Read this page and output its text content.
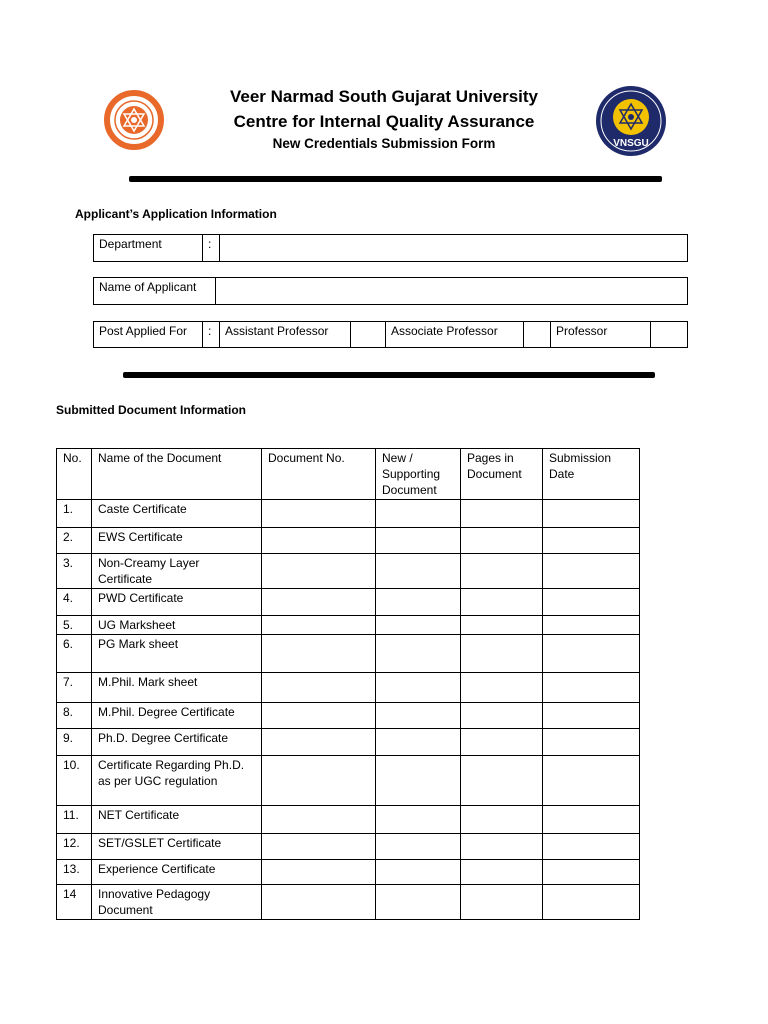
VNSGU
Veer Narmad South Gujarat University
Centre for Internal Quality Assurance
New Credentials Submission Form
Applicant’s Application Information
Department	:	
Name of Applicant	
Post Applied For	:	Assistant Professor		Associate Professor		Professor	
Submitted Document Information
No.	Name of the Document	Document No.	New / Supporting Document	Pages in Document	Submission Date
1.	Caste Certificate				
2.	EWS Certificate				
3.	Non-Creamy Layer Certificate				
4.	PWD Certificate				
5.	UG Marksheet				
6.	PG Mark sheet				
7.	M.Phil. Mark sheet				
8.	M.Phil. Degree Certificate				
9.	Ph.D. Degree Certificate				
10.	Certificate Regarding Ph.D. as per UGC regulation				
11.	NET Certificate				
12.	SET/GSLET Certificate				
13.	Experience Certificate				
14	Innovative Pedagogy Document				
